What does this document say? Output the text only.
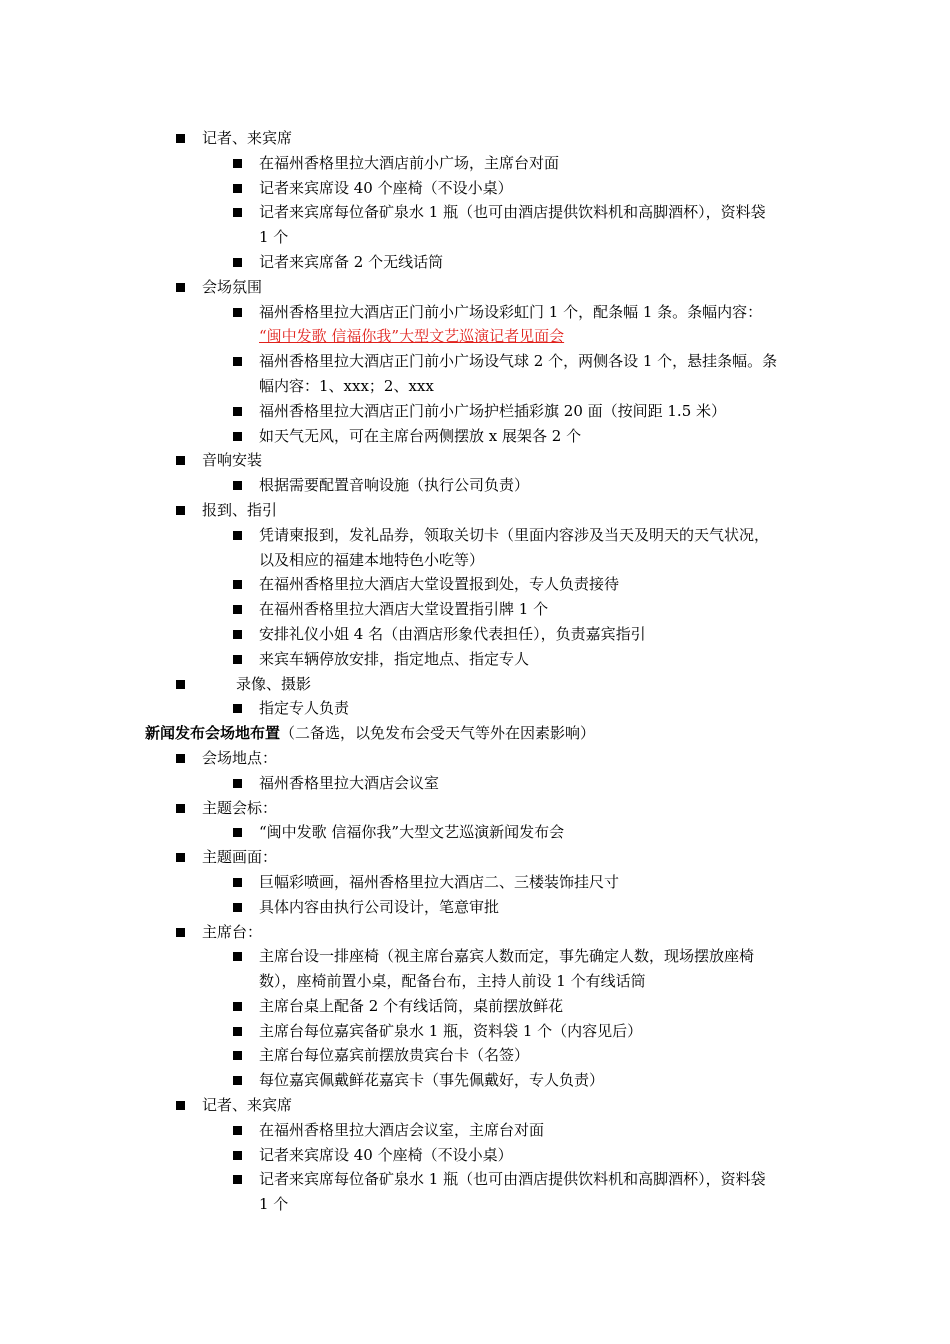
记者、来宾席
在福州香格里拉大酒店前小广场，主席台对面
记者来宾席设 40 个座椅（不设小桌）
记者来宾席每位备矿泉水 1 瓶（也可由酒店提供饮料机和高脚酒杯），资料袋
1 个
记者来宾席备 2 个无线话筒
会场氛围
福州香格里拉大酒店正门前小广场设彩虹门 1 个，配条幅 1 条。条幅内容：
“闽中发歌 信福你我”大型文艺巡演记者见面会
福州香格里拉大酒店正门前小广场设气球 2 个，两侧各设 1 个，悬挂条幅。条
幅内容：1、xxx；2、xxx
福州香格里拉大酒店正门前小广场护栏插彩旗 20 面（按间距 1.5 米）
如天气无风，可在主席台两侧摆放 x 展架各 2 个
音响安装
根据需要配置音响设施（执行公司负责）
报到、指引
凭请柬报到，发礼品券，领取关切卡（里面内容涉及当天及明天的天气状况，
以及相应的福建本地特色小吃等）
在福州香格里拉大酒店大堂设置报到处，专人负责接待
在福州香格里拉大酒店大堂设置指引牌 1 个
安排礼仪小姐 4 名（由酒店形象代表担任），负责嘉宾指引
来宾车辆停放安排，指定地点、指定专人
录像、摄影
指定专人负责
新闻发布会场地布置（二备选，以免发布会受天气等外在因素影响）
会场地点：
福州香格里拉大酒店会议室
主题会标：
“闽中发歌 信福你我”大型文艺巡演新闻发布会
主题画面：
巨幅彩喷画，福州香格里拉大酒店二、三楼装饰挂尺寸
具体内容由执行公司设计，笔意审批
主席台：
主席台设一排座椅（视主席台嘉宾人数而定，事先确定人数，现场摆放座椅
数），座椅前置小桌，配备台布，主持人前设 1 个有线话筒
主席台桌上配备 2 个有线话筒，桌前摆放鲜花
主席台每位嘉宾备矿泉水 1 瓶，资料袋 1 个（内容见后）
主席台每位嘉宾前摆放贵宾台卡（名签）
每位嘉宾佩戴鲜花嘉宾卡（事先佩戴好，专人负责）
记者、来宾席
在福州香格里拉大酒店会议室，主席台对面
记者来宾席设 40 个座椅（不设小桌）
记者来宾席每位备矿泉水 1 瓶（也可由酒店提供饮料机和高脚酒杯），资料袋
1 个
